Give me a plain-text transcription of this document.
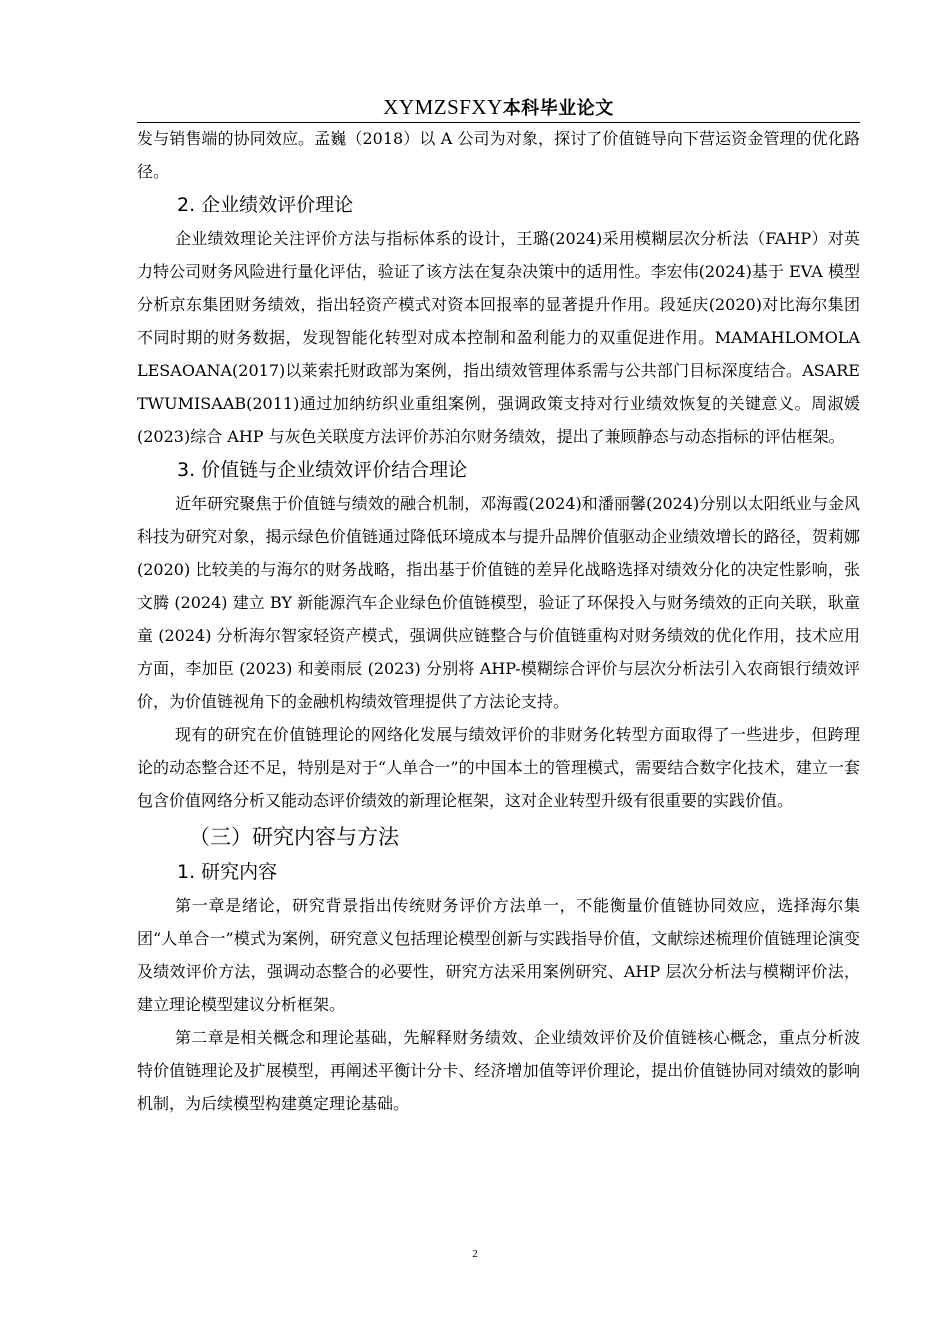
XYMZSFXY本科毕业论文

发与销售端的协同效应。孟巍（2018）以 A 公司为对象，探讨了价值链导向下营运资金管理的优化路径。

2. 企业绩效评价理论

企业绩效理论关注评价方法与指标体系的设计，王璐(2024)采用模糊层次分析法（FAHP）对英力特公司财务风险进行量化评估，验证了该方法在复杂决策中的适用性。李宏伟(2024)基于 EVA 模型分析京东集团财务绩效，指出轻资产模式对资本回报率的显著提升作用。段延庆(2020)对比海尔集团不同时期的财务数据，发现智能化转型对成本控制和盈利能力的双重促进作用。MAMAHLOMOLA LESAOANA(2017)以莱索托财政部为案例，指出绩效管理体系需与公共部门目标深度结合。ASARE TWUMISAAB(2011)通过加纳纺织业重组案例，强调政策支持对行业绩效恢复的关键意义。周淑媛(2023)综合 AHP 与灰色关联度方法评价苏泊尔财务绩效，提出了兼顾静态与动态指标的评估框架。

3. 价值链与企业绩效评价结合理论

近年研究聚焦于价值链与绩效的融合机制，邓海霞(2024)和潘丽馨(2024)分别以太阳纸业与金风科技为研究对象，揭示绿色价值链通过降低环境成本与提升品牌价值驱动企业绩效增长的路径，贺莉娜 (2020) 比较美的与海尔的财务战略，指出基于价值链的差异化战略选择对绩效分化的决定性影响，张文腾 (2024) 建立 BY 新能源汽车企业绿色价值链模型，验证了环保投入与财务绩效的正向关联，耿童童 (2024) 分析海尔智家轻资产模式，强调供应链整合与价值链重构对财务绩效的优化作用，技术应用方面，李加臣 (2023) 和姜雨辰 (2023) 分别将 AHP-模糊综合评价与层次分析法引入农商银行绩效评价，为价值链视角下的金融机构绩效管理提供了方法论支持。

现有的研究在价值链理论的网络化发展与绩效评价的非财务化转型方面取得了一些进步，但跨理论的动态整合还不足，特别是对于“人单合一”的中国本土的管理模式，需要结合数字化技术，建立一套包含价值网络分析又能动态评价绩效的新理论框架，这对企业转型升级有很重要的实践价值。

（三）研究内容与方法
1. 研究内容

第一章是绪论，研究背景指出传统财务评价方法单一，不能衡量价值链协同效应，选择海尔集团“人单合一”模式为案例，研究意义包括理论模型创新与实践指导价值，文献综述梳理价值链理论演变及绩效评价方法，强调动态整合的必要性，研究方法采用案例研究、AHP 层次分析法与模糊评价法，建立理论模型建议分析框架。

第二章是相关概念和理论基础，先解释财务绩效、企业绩效评价及价值链核心概念，重点分析波特价值链理论及扩展模型，再阐述平衡计分卡、经济增加值等评价理论，提出价值链协同对绩效的影响机制，为后续模型构建奠定理论基础。

2
